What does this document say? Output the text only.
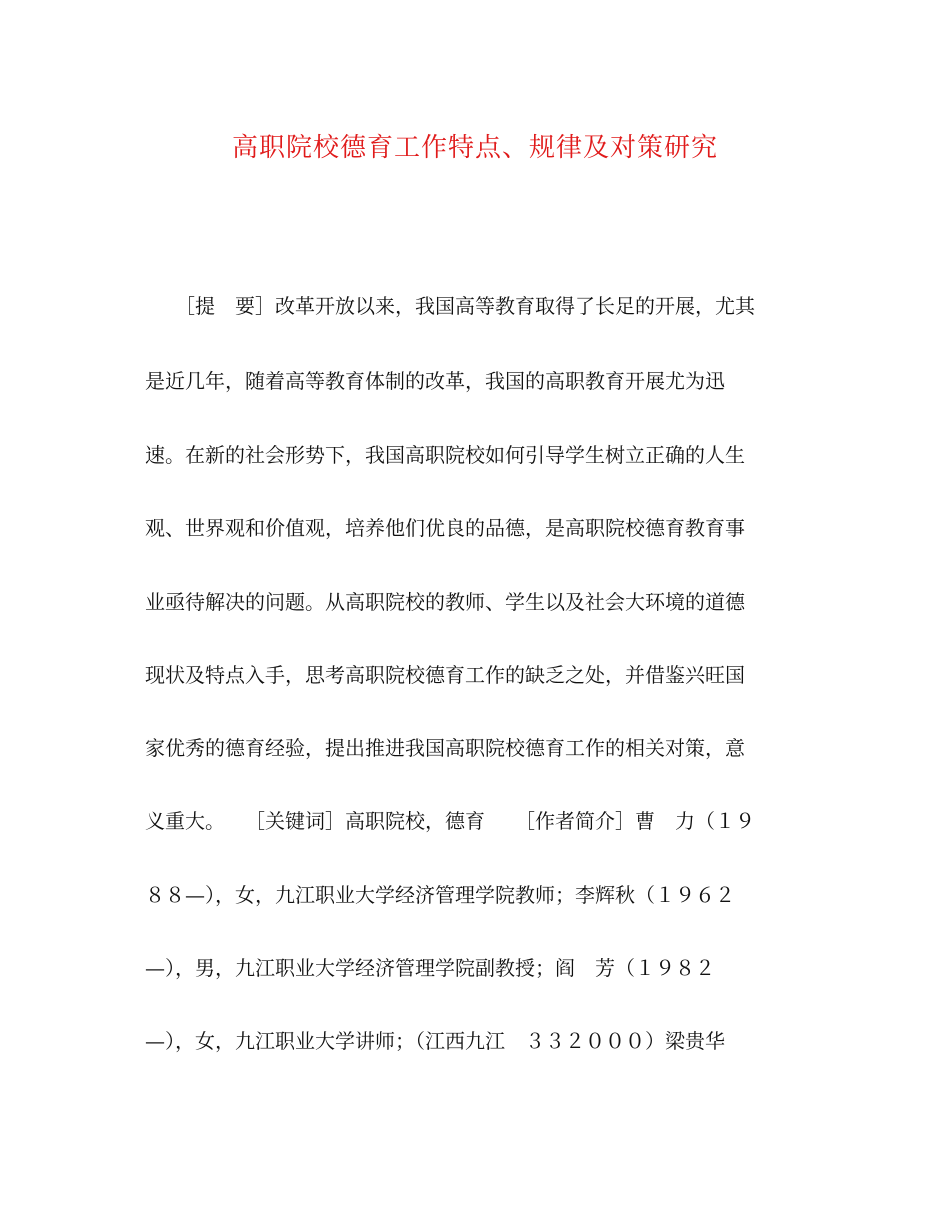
高职院校德育工作特点、规律及对策研究
　　［提　要］改革开放以来，我国高等教育取得了长足的开展，尤其
是近几年，随着高等教育体制的改革，我国的高职教育开展尤为迅
速。在新的社会形势下，我国高职院校如何引导学生树立正确的人生
观、世界观和价值观，培养他们优良的品德，是高职院校德育教育事
业亟待解决的问题。从高职院校的教师、学生以及社会大环境的道德
现状及特点入手，思考高职院校德育工作的缺乏之处，并借鉴兴旺国
家优秀的德育经验，提出推进我国高职院校德育工作的相关对策，意
义重大。　　［关键词］高职院校，德育　　［作者简介］曹　力（１９
８８—），女，九江职业大学经济管理学院教师；李辉秋（１９６２
—），男，九江职业大学经济管理学院副教授；阎　芳（１９８２
—），女，九江职业大学讲师；（江西九江　３３２０００）梁贵华
